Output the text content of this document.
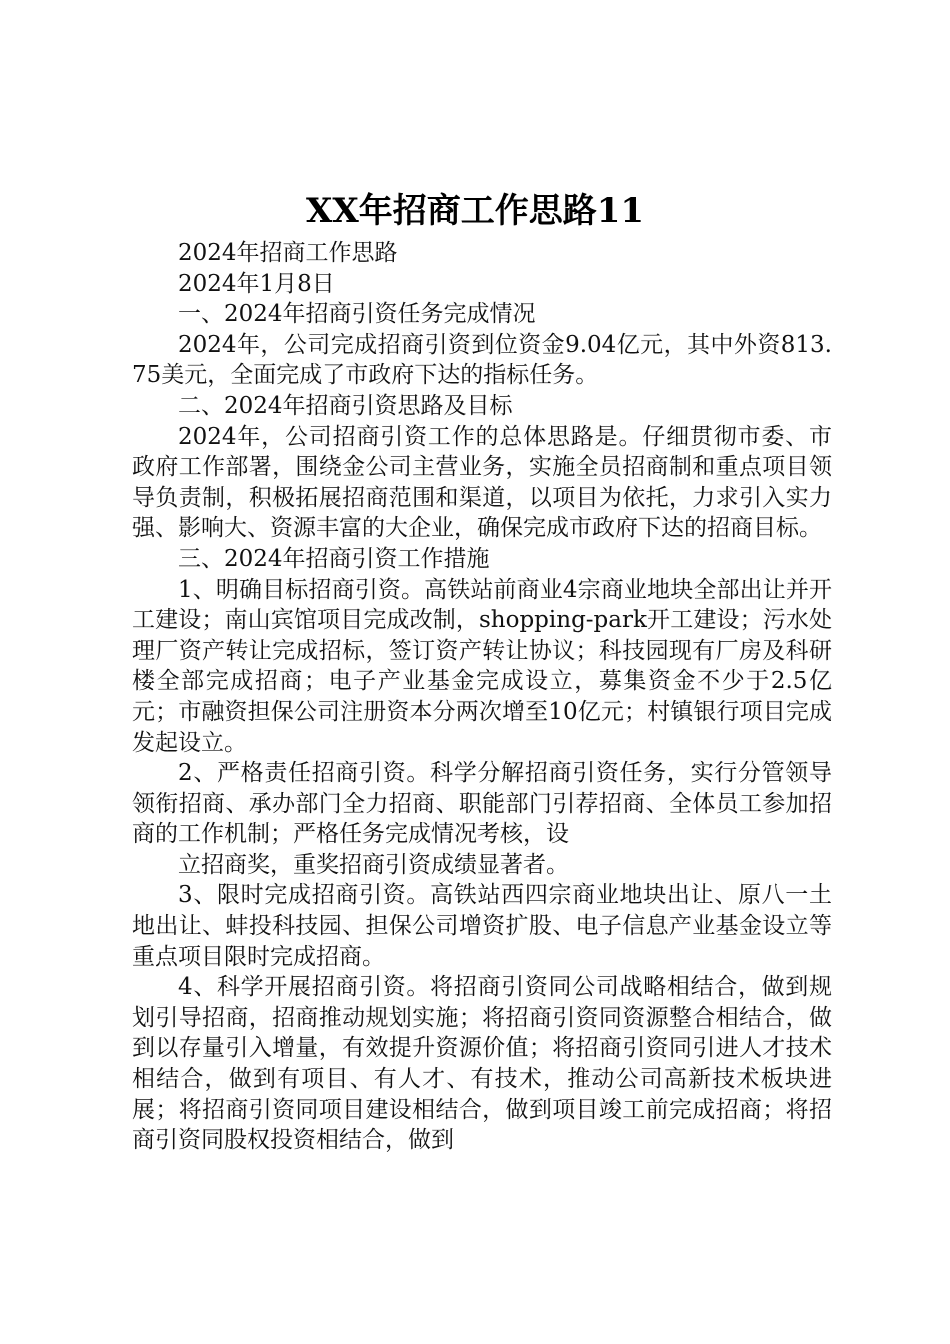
XX年招商工作思路11

2024年招商工作思路

2024年1月8日

一、2024年招商引资任务完成情况

2024年，公司完成招商引资到位资金9.04亿元，其中外资813.75美元，全面完成了市政府下达的指标任务。

二、2024年招商引资思路及目标

2024年，公司招商引资工作的总体思路是。仔细贯彻市委、市政府工作部署，围绕金公司主营业务，实施全员招商制和重点项目领导负责制，积极拓展招商范围和渠道，以项目为依托，力求引入实力强、影响大、资源丰富的大企业，确保完成市政府下达的招商目标。

三、2024年招商引资工作措施

1、明确目标招商引资。高铁站前商业4宗商业地块全部出让并开工建设；南山宾馆项目完成改制，shopping-park开工建设；污水处理厂资产转让完成招标，签订资产转让协议；科技园现有厂房及科研楼全部完成招商；电子产业基金完成设立，募集资金不少于2.5亿元；市融资担保公司注册资本分两次增至10亿元；村镇银行项目完成发起设立。

2、严格责任招商引资。科学分解招商引资任务，实行分管领导领衔招商、承办部门全力招商、职能部门引荐招商、全体员工参加招商的工作机制；严格任务完成情况考核，设

立招商奖，重奖招商引资成绩显著者。

3、限时完成招商引资。高铁站西四宗商业地块出让、原八一土地出让、蚌投科技园、担保公司增资扩股、电子信息产业基金设立等重点项目限时完成招商。

4、科学开展招商引资。将招商引资同公司战略相结合，做到规划引导招商，招商推动规划实施；将招商引资同资源整合相结合，做到以存量引入增量，有效提升资源价值；将招商引资同引进人才技术相结合，做到有项目、有人才、有技术，推动公司高新技术板块进展；将招商引资同项目建设相结合，做到项目竣工前完成招商；将招商引资同股权投资相结合，做到
